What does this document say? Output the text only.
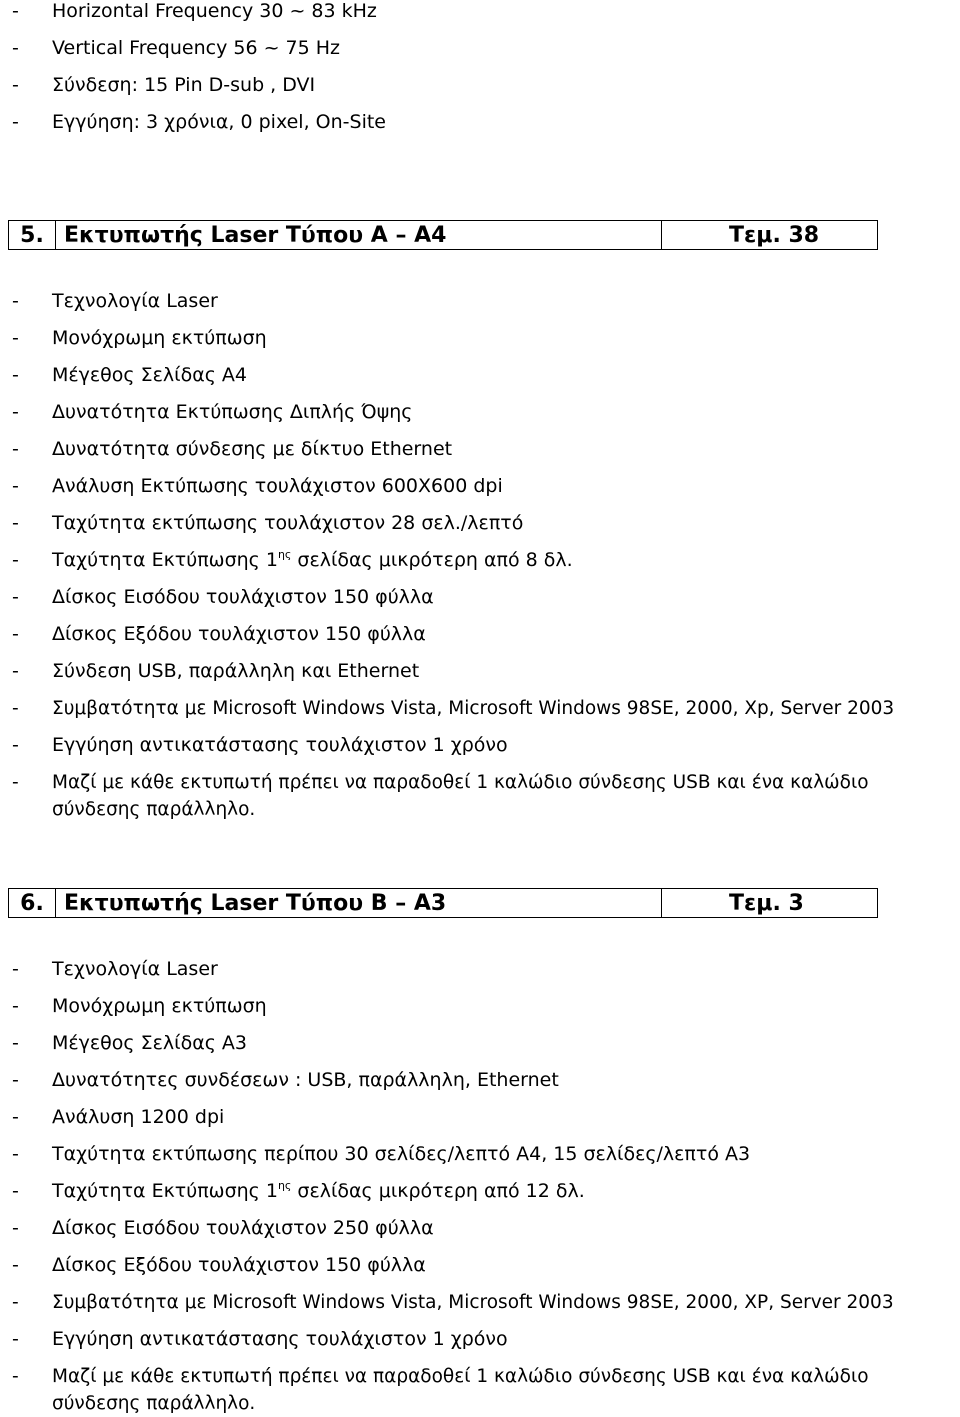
- Horizontal Frequency 30 ~ 83 kHz
- Vertical Frequency 56 ~ 75 Hz
- Σύνδεση: 15 Pin D-sub , DVI
- Εγγύηση: 3 χρόνια, 0 pixel, On-Site
5. Εκτυπωτής Laser Τύπου Α – Α4	Τεμ. 38
- Τεχνολογία Laser
- Μονόχρωμη εκτύπωση
- Μέγεθος Σελίδας Α4
- Δυνατότητα Εκτύπωσης Διπλής Όψης
- Δυνατότητα σύνδεσης με δίκτυο Ethernet
- Ανάλυση Εκτύπωσης τουλάχιστον 600Χ600 dpi
- Ταχύτητα εκτύπωσης τουλάχιστον 28 σελ./λεπτό
- Ταχύτητα Εκτύπωσης $1^{\eta\varsigma}$ σελίδας μικρότερη από 8 δλ.
- Δίσκος Εισόδου τουλάχιστον 150 φύλλα
- Δίσκος Εξόδου τουλάχιστον 150 φύλλα
- Σύνδεση USB, παράλληλη και Ethernet
- Συμβατότητα με Microsoft Windows Vista, Microsoft Windows 98SE, 2000, Xp, Server 2003
- Εγγύηση αντικατάστασης τουλάχιστον 1 χρόνο
- Μαζί με κάθε εκτυπωτή πρέπει να παραδοθεί 1 καλώδιο σύνδεσης USB και ένα καλώδιο σύνδεσης παράλληλο.
6. Εκτυπωτής Laser Τύπου Β – Α3	Τεμ. 3
- Τεχνολογία Laser
- Μονόχρωμη εκτύπωση
- Μέγεθος Σελίδας Α3
- Δυνατότητες συνδέσεων : USB, παράλληλη, Ethernet
- Ανάλυση 1200 dpi
- Ταχύτητα εκτύπωσης περίπου 30 σελίδες/λεπτό Α4, 15 σελίδες/λεπτό Α3
- Ταχύτητα Εκτύπωσης $1^{\eta\varsigma}$ σελίδας μικρότερη από 12 δλ.
- Δίσκος Εισόδου τουλάχιστον 250 φύλλα
- Δίσκος Εξόδου τουλάχιστον 150 φύλλα
- Συμβατότητα με Microsoft Windows Vista, Microsoft Windows 98SE, 2000, XP, Server 2003
- Εγγύηση αντικατάστασης τουλάχιστον 1 χρόνο
- Μαζί με κάθε εκτυπωτή πρέπει να παραδοθεί 1 καλώδιο σύνδεσης USB και ένα καλώδιο σύνδεσης παράλληλο.
